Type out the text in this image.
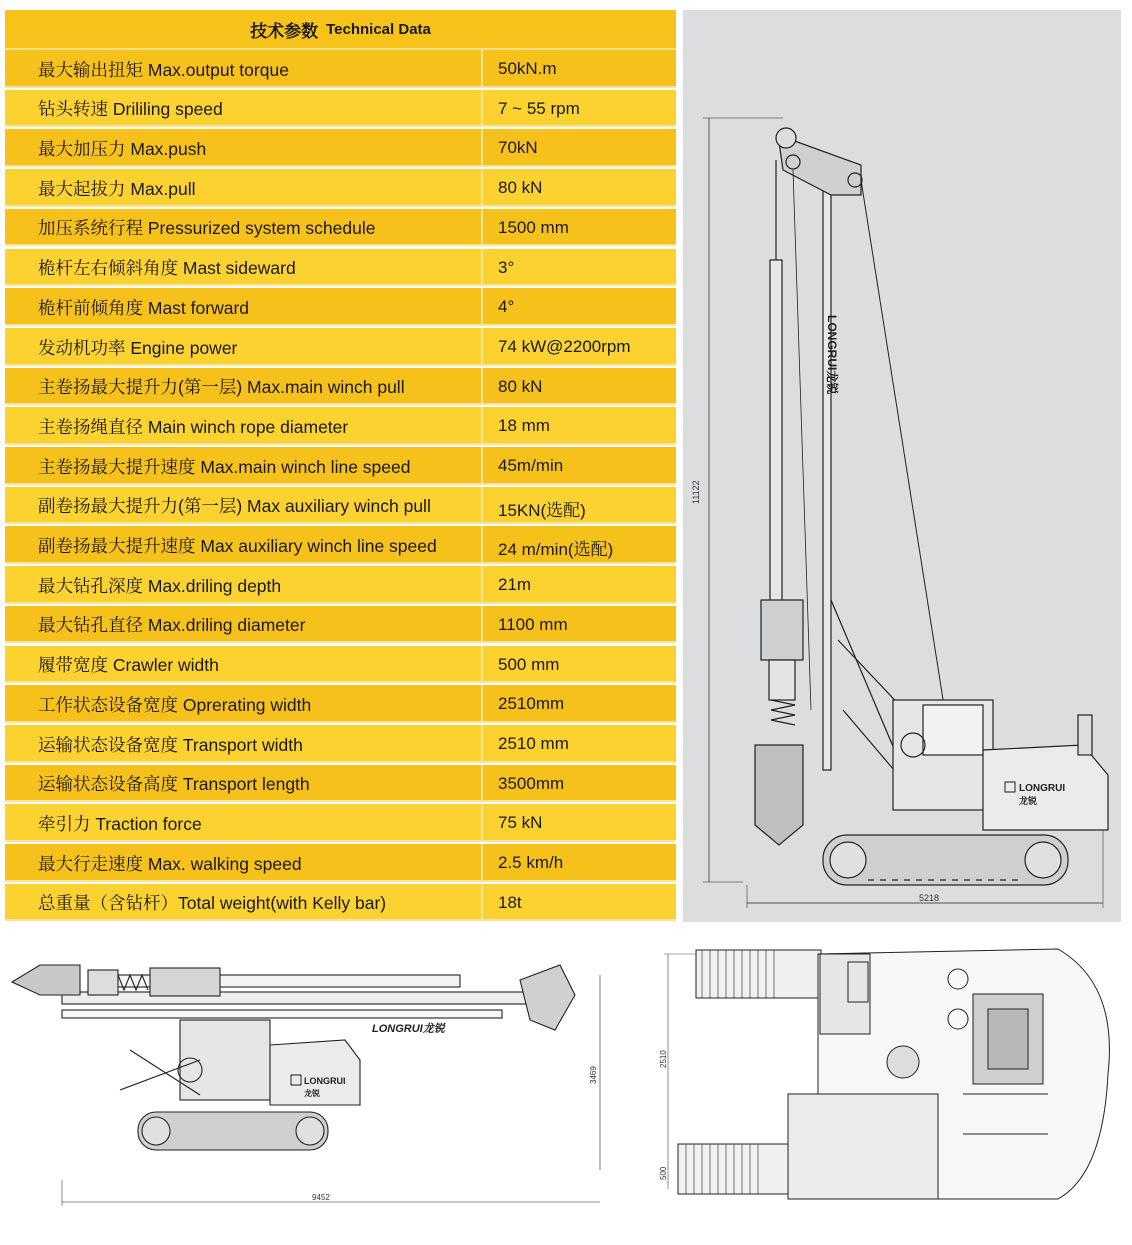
技术参数 Technical Data
最大输出扭矩 Max.output torque	50kN.m
钻头转速 Drililing speed	7 ~ 55 rpm
最大加压力 Max.push	70kN
最大起拔力 Max.pull	80 kN
加压系统行程 Pressurized system schedule	1500 mm
桅杆左右倾斜角度 Mast sideward	3°
桅杆前倾角度 Mast forward	4°
发动机功率 Engine power	74 kW@2200rpm
主卷扬最大提升力(第一层) Max.main winch pull	80 kN
主卷扬绳直径 Main winch rope diameter	18 mm
主卷扬最大提升速度 Max.main winch line speed	45m/min
副卷扬最大提升力(第一层) Max auxiliary winch pull	15KN(选配)
副卷扬最大提升速度 Max auxiliary winch line speed	24 m/min(选配)
最大钻孔深度 Max.driling depth	21m
最大钻孔直径 Max.driling diameter	1100 mm
履带宽度 Crawler width	500 mm
工作状态设备宽度 Oprerating width	2510mm
运输状态设备宽度 Transport width	2510 mm
运输状态设备高度 Transport length	3500mm
牵引力 Traction force	75 kN
最大行走速度 Max. walking speed	2.5 km/h
总重量（含钻杆）Total weight(with Kelly bar)	18t
LONGRUI龙锐
LONGRUI
龙锐
11122
5218
LONGRUI龙锐
LONGRUI
龙锐
3469
9452
2510
500
